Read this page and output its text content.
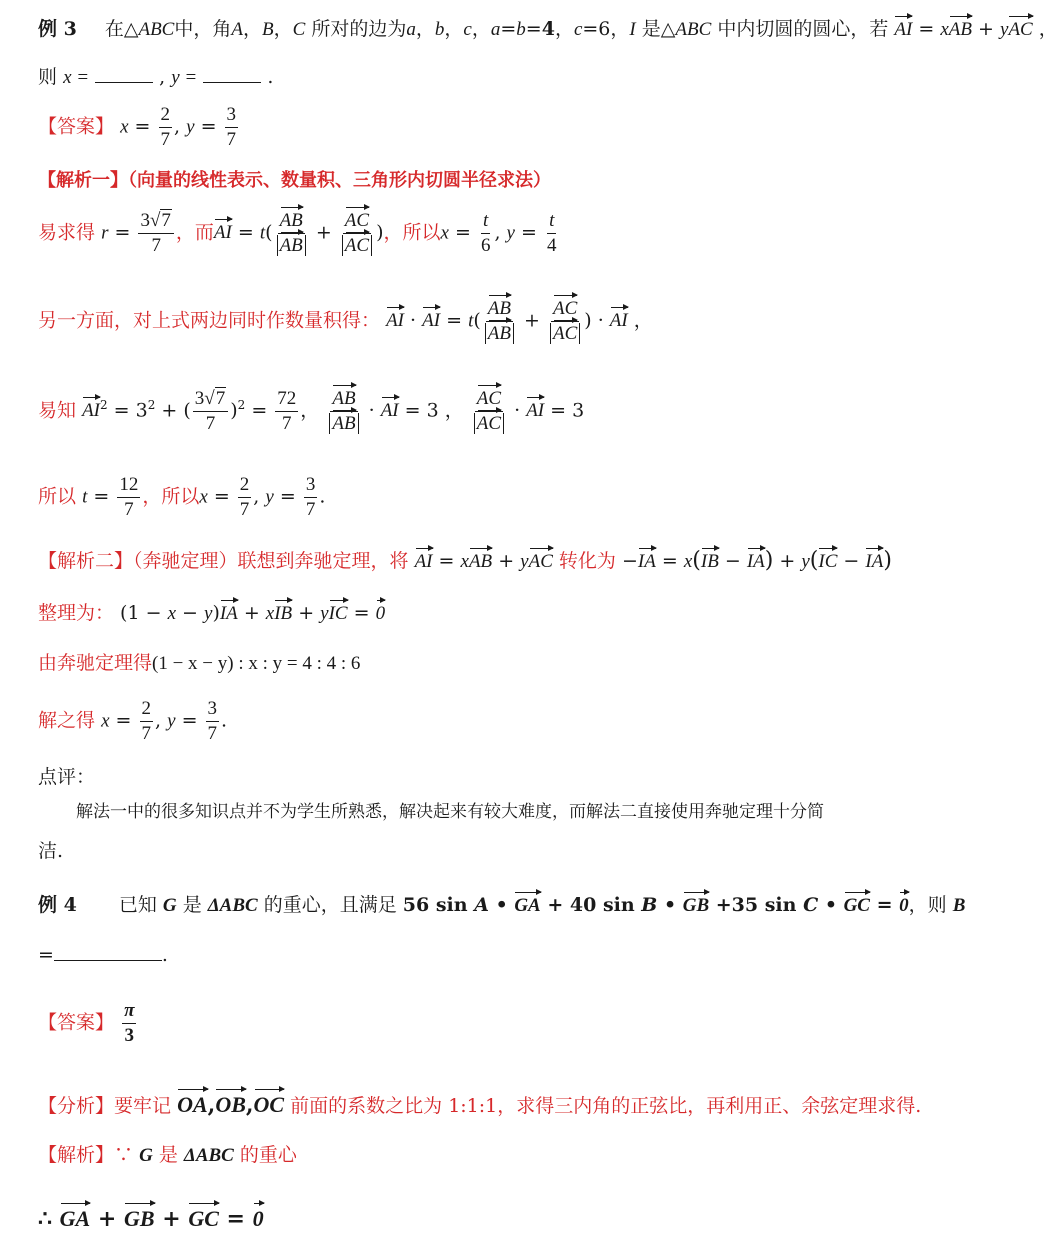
例 3 在△ABC中，角A，B，C 所对的边为a，b，c，a=b=4，c=6，I 是△ABC 中内切圆的圆心，若 AI = xAB + yAC ，
则 x =	, y =	.
【答案】 $x = \frac{2}{7}$ , $y = \frac{3}{7}$
【解析一】（向量的线性表示、数量积、三角形内切圆半径求法）
易求得 $r = \frac{3√7}{7}$ ，而AI = $t( \frac{AB}{AB} + \frac{AC}{AC}$ )，所以$x = \frac{t}{6}$ , $y = \frac{t}{4}$
另一方面，对上式两边同时作数量积得： AI · AI = $t( \frac{AB}{AB} + \frac{AC}{AC}$ ) · AI ，
易知 $AI^2 = 3^2$ + ( $\frac{3√7}{7} )^2 = \frac{72}{7}$ ， $\frac{AB}{AB}$ · AI = 3 ， $\frac{AC}{AC}$ · AI = 3
所以 $t = \frac{12}{7}$ ，所以$x = \frac{2}{7}$ , $y = \frac{3}{7}$ .
【解析二】（奔驰定理）联想到奔驰定理，将 AI = xAB + yAC 转化为 −IA = x(IB − IA) + y(IC − IA)
整理为： (1 − x − y)IA + xIB + yIC = 0
由奔驰定理得(1 − x − y) : x : y = 4 : 4 : 6
解之得 $x = \frac{2}{7}$ , $y = \frac{3}{7}$ .
点评：
解法一中的很多知识点并不为学生所熟悉，解决起来有较大难度，而解法二直接使用奔驰定理十分简
洁.
例 4 已知 G 是 ΔABC 的重心，且满足 56 sin A • GA + 40 sin B • GB +35 sin C • GC = 0，则 B
=	.
【答案】 $\frac{\pi}{3}$
【分析】要牢记 OA,OB,OC 前面的系数之比为 1:1:1，求得三内角的正弦比，再利用正、余弦定理求得.
【解析】∵ G 是 ΔABC 的重心
∴ GA + GB + GC = 0
